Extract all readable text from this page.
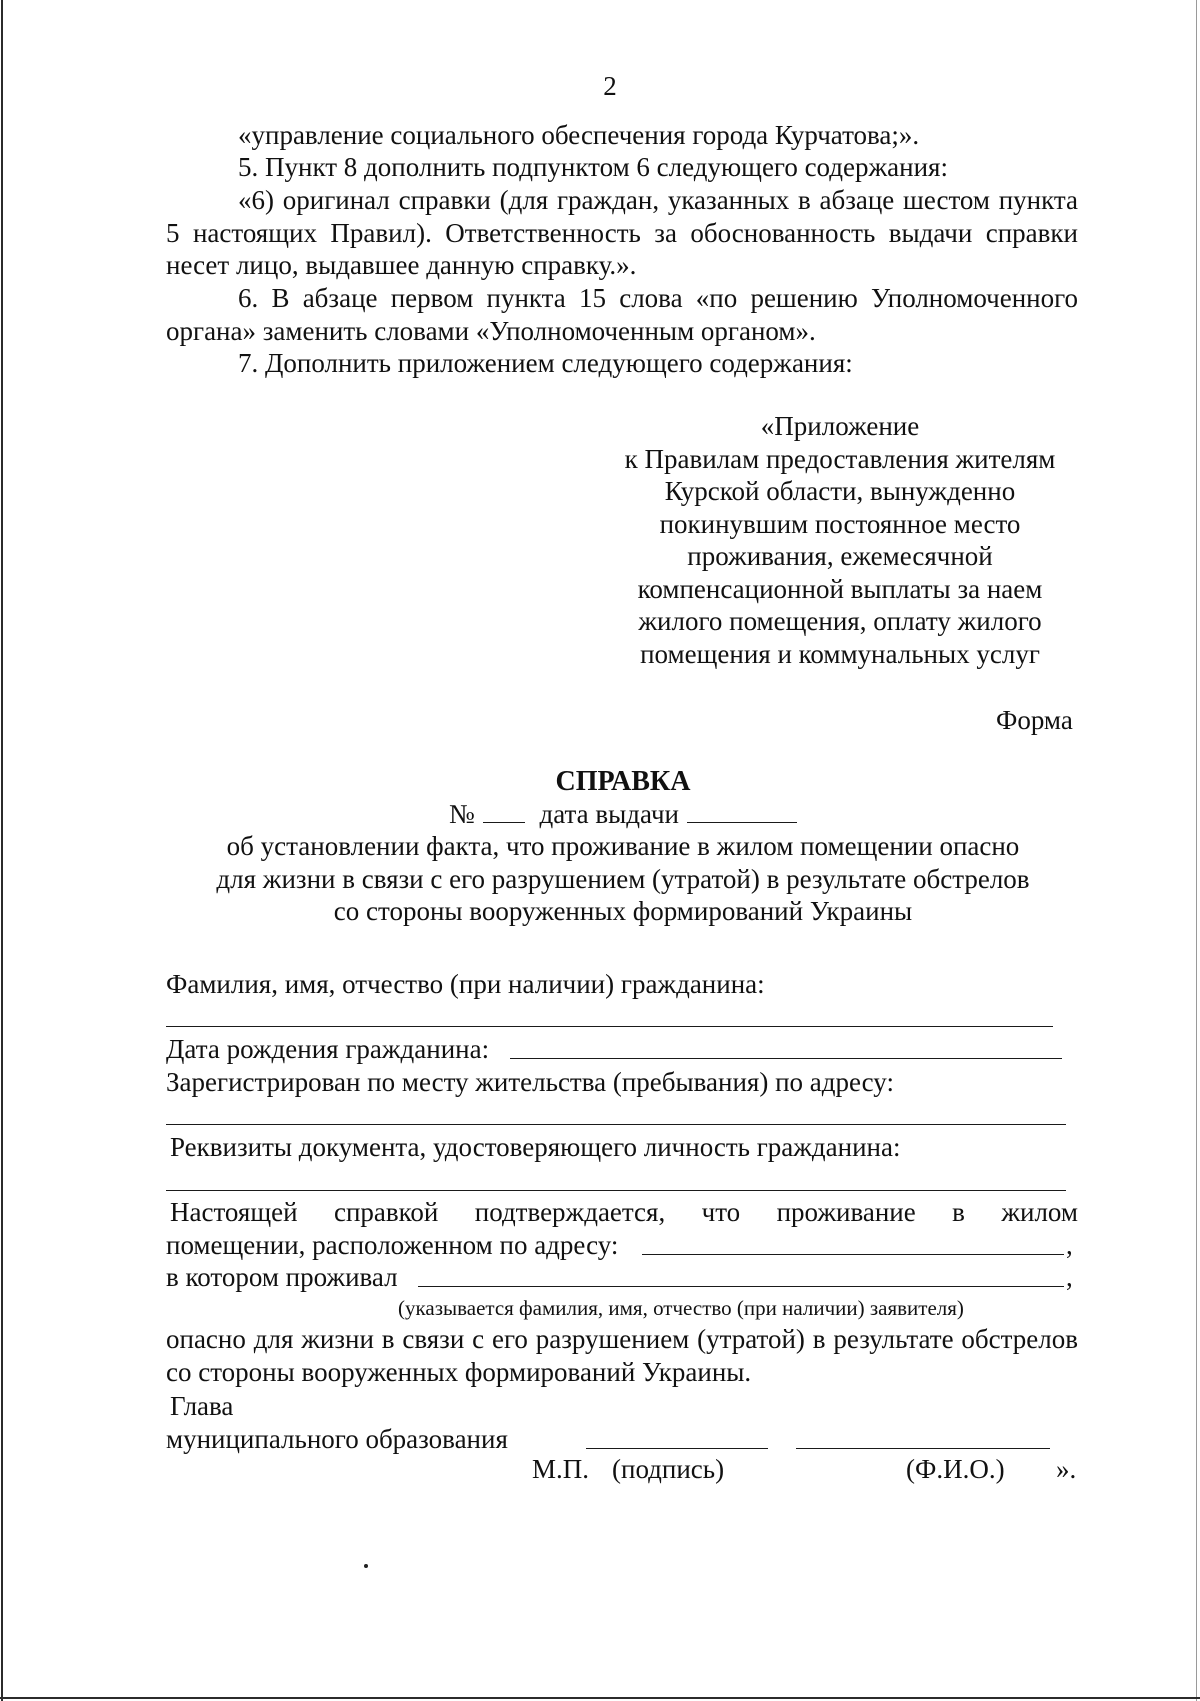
2

«управление социального обеспечения города Курчатова;».

5. Пункт 8 дополнить подпунктом 6 следующего содержания:

«6) оригинал справки (для граждан, указанных в абзаце шестом пункта 5 настоящих Правил). Ответственность за обоснованность выдачи справки несет лицо, выдавшее данную справку.».

6. В абзаце первом пункта 15 слова «по решению Уполномоченного органа» заменить словами «Уполномоченным органом».

7. Дополнить приложением следующего содержания:

«Приложение
к Правилам предоставления жителям
Курской области, вынужденно
покинувшим постоянное место
проживания, ежемесячной
компенсационной выплаты за наем
жилого помещения, оплату жилого
помещения и коммунальных услуг
Форма
СПРАВКА
№ дата выдачи
об установлении факта, что проживание в жилом помещении опасно
для жизни в связи с его разрушением (утратой) в результате обстрелов
со стороны вооруженных формирований Украины
Фамилия, имя, отчество (при наличии) гражданина:
Дата рождения гражданина:
Зарегистрирован по месту жительства (пребывания) по адресу:
Реквизиты документа, удостоверяющего личность гражданина:
Настоящей справкой подтверждается, что проживание в жилом
помещении, расположенном по адресу:	,
в котором проживал	,
(указывается фамилия, имя, отчество (при наличии) заявителя)

опасно для жизни в связи с его разрушением (утратой) в результате обстрелов со стороны вооруженных формирований Украины.

Глава
муниципального образования
М.П. (подпись)	(Ф.И.О.) ».
